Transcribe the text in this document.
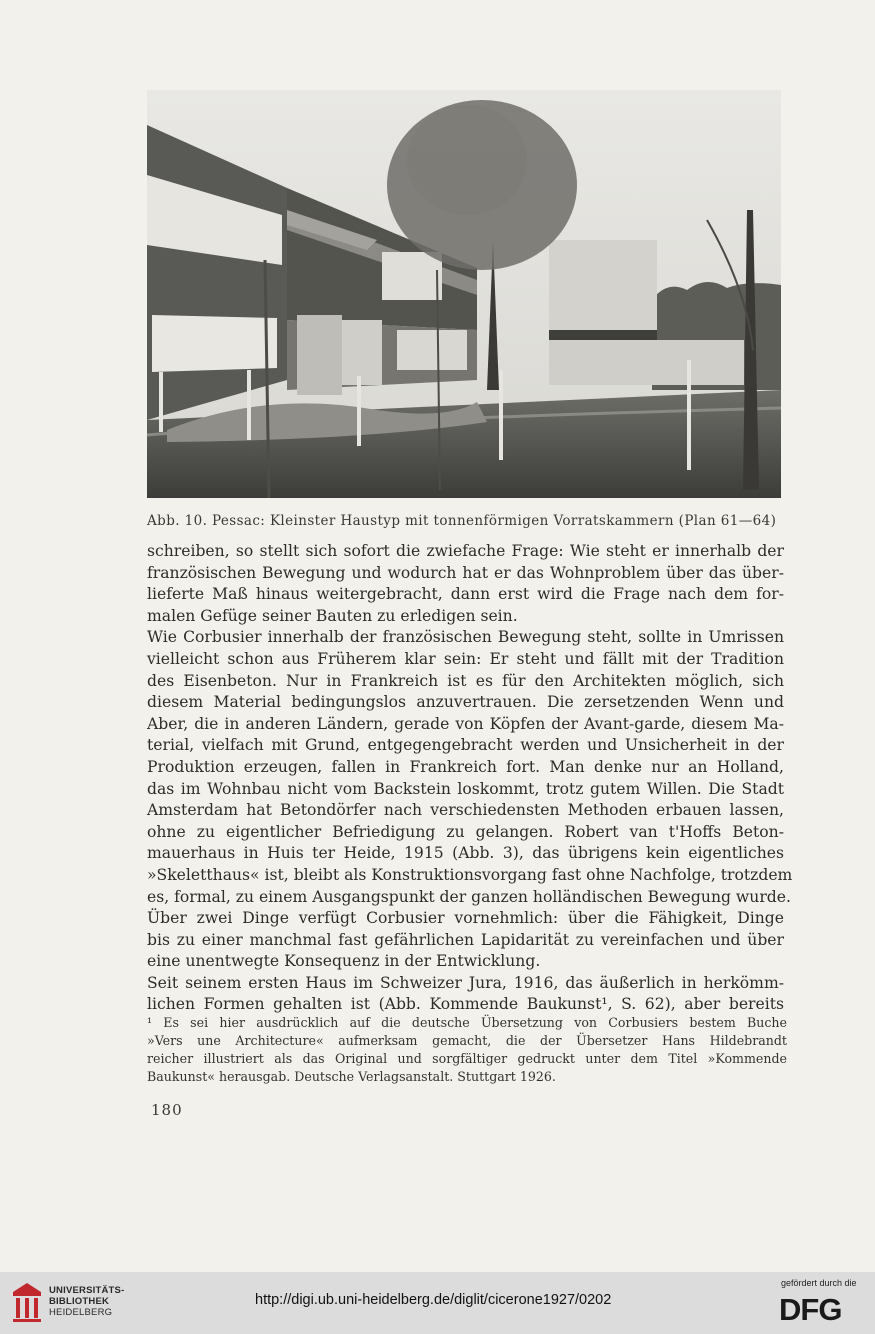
Abb. 10. Pessac: Kleinster Haustyp mit tonnenförmigen Vorratskammern (Plan 61—64)
schreiben, so stellt sich sofort die zwiefache Frage: Wie steht er innerhalb der
französischen Bewegung und wodurch hat er das Wohnproblem über das über-
lieferte Maß hinaus weitergebracht, dann erst wird die Frage nach dem for-
malen Gefüge seiner Bauten zu erledigen sein.
Wie Corbusier innerhalb der französischen Bewegung steht, sollte in Umrissen
vielleicht schon aus Früherem klar sein: Er steht und fällt mit der Tradition
des Eisenbeton. Nur in Frankreich ist es für den Architekten möglich, sich
diesem Material bedingungslos anzuvertrauen. Die zersetzenden Wenn und
Aber, die in anderen Ländern, gerade von Köpfen der Avant-garde, diesem Ma-
terial, vielfach mit Grund, entgegengebracht werden und Unsicherheit in der
Produktion erzeugen, fallen in Frankreich fort. Man denke nur an Holland,
das im Wohnbau nicht vom Backstein loskommt, trotz gutem Willen. Die Stadt
Amsterdam hat Betondörfer nach verschiedensten Methoden erbauen lassen,
ohne zu eigentlicher Befriedigung zu gelangen. Robert van t'Hoffs Beton-
mauerhaus in Huis ter Heide, 1915 (Abb. 3), das übrigens kein eigentliches
»Skeletthaus« ist, bleibt als Konstruktionsvorgang fast ohne Nachfolge, trotzdem
es, formal, zu einem Ausgangspunkt der ganzen holländischen Bewegung wurde.
Über zwei Dinge verfügt Corbusier vornehmlich: über die Fähigkeit, Dinge
bis zu einer manchmal fast gefährlichen Lapidarität zu vereinfachen und über
eine unentwegte Konsequenz in der Entwicklung.
Seit seinem ersten Haus im Schweizer Jura, 1916, das äußerlich in herkömm-
lichen Formen gehalten ist (Abb. Kommende Baukunst¹, S. 62), aber bereits
¹ Es sei hier ausdrücklich auf die deutsche Übersetzung von Corbusiers bestem Buche
»Vers une Architecture« aufmerksam gemacht, die der Übersetzer Hans Hildebrandt
reicher illustriert als das Original und sorgfältiger gedruckt unter dem Titel »Kommende
Baukunst« herausgab. Deutsche Verlagsanstalt. Stuttgart 1926.
180
UNIVERSITÄTS-
BIBLIOTHEK
HEIDELBERG
http://digi.ub.uni-heidelberg.de/diglit/cicerone1927/0202
gefördert durch die
DFG
